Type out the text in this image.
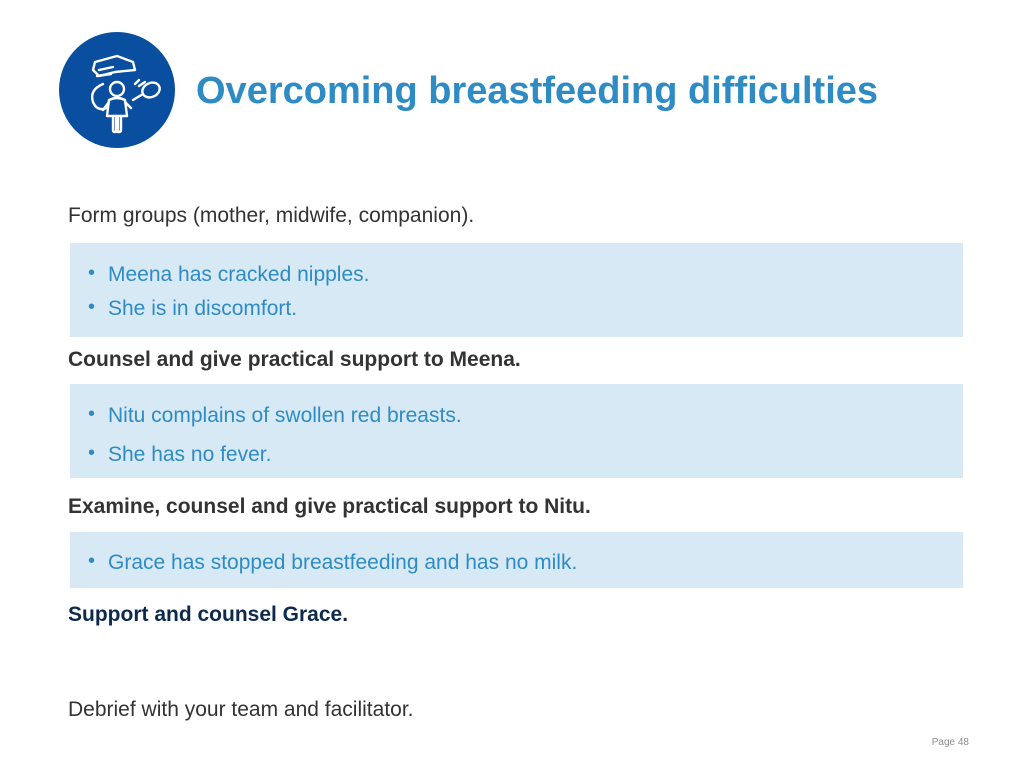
Overcoming breastfeeding difficulties
Form groups (mother, midwife, companion).
• Meena has cracked nipples.
• She is in discomfort.
Counsel and give practical support to Meena.
• Nitu complains of swollen red breasts.
• She has no fever.
Examine, counsel and give practical support to Nitu.
• Grace has stopped breastfeeding and has no milk.
Support and counsel Grace.
Debrief with your team and facilitator.
Page 48
